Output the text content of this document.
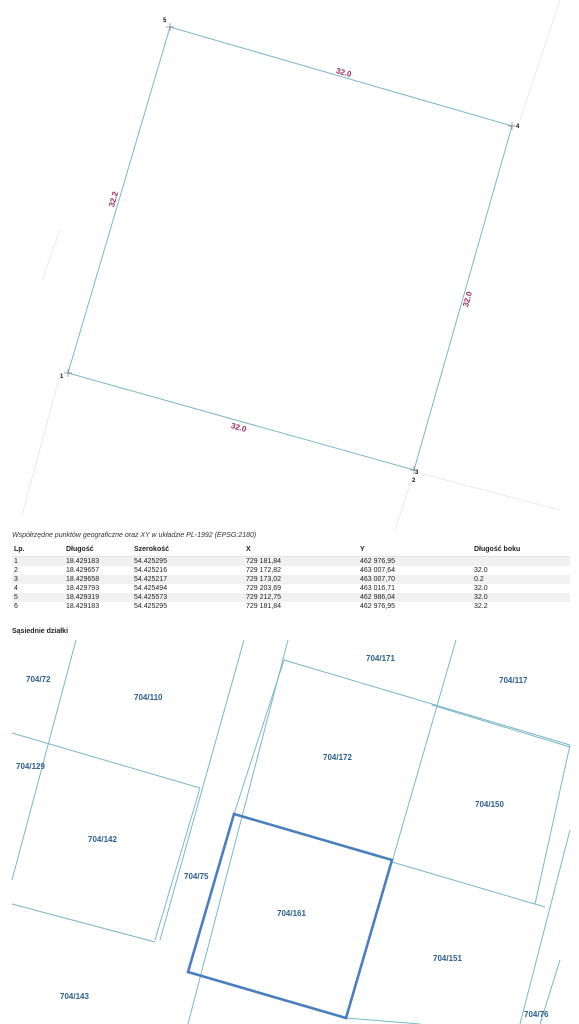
1
2
3
4
5
32.0
32.0
32.0
32.2
Współrzędne punktów geograficzne oraz XY w układzie PL-1992 (EPSG:2180)
Lp.	Długość	Szerokość	X	Y	Długość boku
1	18.429183	54.425295	729 181,84	462 976,95	
2	18.429657	54.425216	729 172,82	463 007,64	32.0
3	18.429658	54.425217	729 173,02	463 007,70	0.2
4	18.429793	54.425494	729 203,69	463 016,71	32.0
5	18.429319	54.425573	729 212,75	462 986,04	32.0
6	18.429183	54.425295	729 181,84	462 976,95	32.2
Sąsiednie działki
704/72
704/110
704/171
704/117
704/129
704/172
704/150
704/142
704/75
704/161
704/151
704/143
704/76
